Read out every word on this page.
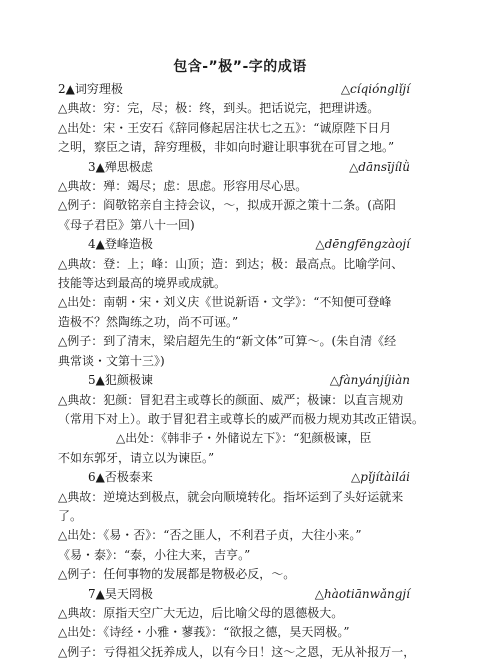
包含-”极”-字的成语
2▲词穷理极	△cíqiónglǐjí
△典故：穷：完，尽；极：终，到头。把话说完，把理讲透。
△出处：宋・王安石《辞同修起居注状七之五》：“诚原陛下日月
之明，察臣之请，辞穷理极，非如向时避让职事犹在可冒之地。”
3▲殚思极虑	△dānsījílǜ
△典故：殚：竭尽；虑：思虑。形容用尽心思。
△例子：阎敬铭亲自主持会议，～，拟成开源之策十二条。(高阳
《母子君臣》第八十一回)
4▲登峰造极	△dēngfēngzàojí
△典故：登：上；峰：山顶；造：到达；极：最高点。比喻学问、
技能等达到最高的境界或成就。
△出处：南朝・宋・刘义庆《世说新语・文学》：“不知便可登峰
造极不？然陶练之功，尚不可诬。”
△例子：到了清末，梁启超先生的“新文体”可算～。(朱自清《经
典常谈・文第十三》)
5▲犯颜极谏	△fànyánjíjiàn
△典故：犯颜：冒犯君主或尊长的颜面、威严；极谏：以直言规劝
（常用下对上）。敢于冒犯君主或尊长的威严而极力规劝其改正错误。
△出处：《韩非子・外储说左下》：“犯颜极谏，臣
不如东郭牙，请立以为谏臣。”
6▲否极泰来	△pǐjítàilái
△典故：逆境达到极点，就会向顺境转化。指坏运到了头好运就来
了。
△出处：《易・否》：“否之匪人，不利君子贞，大往小来。”
《易・泰》：“泰，小往大来，吉亨。”
△例子：任何事物的发展都是物极必反，～。
7▲昊天罔极	△hàotiānwǎngjí
△典故：原指天空广大无边，后比喻父母的恩德极大。
△出处：《诗经・小雅・蓼莪》：“欲报之德，昊天罔极。”
△例子：亏得祖父抚养成人，以有今日！这～之恩，无从补报万一，
